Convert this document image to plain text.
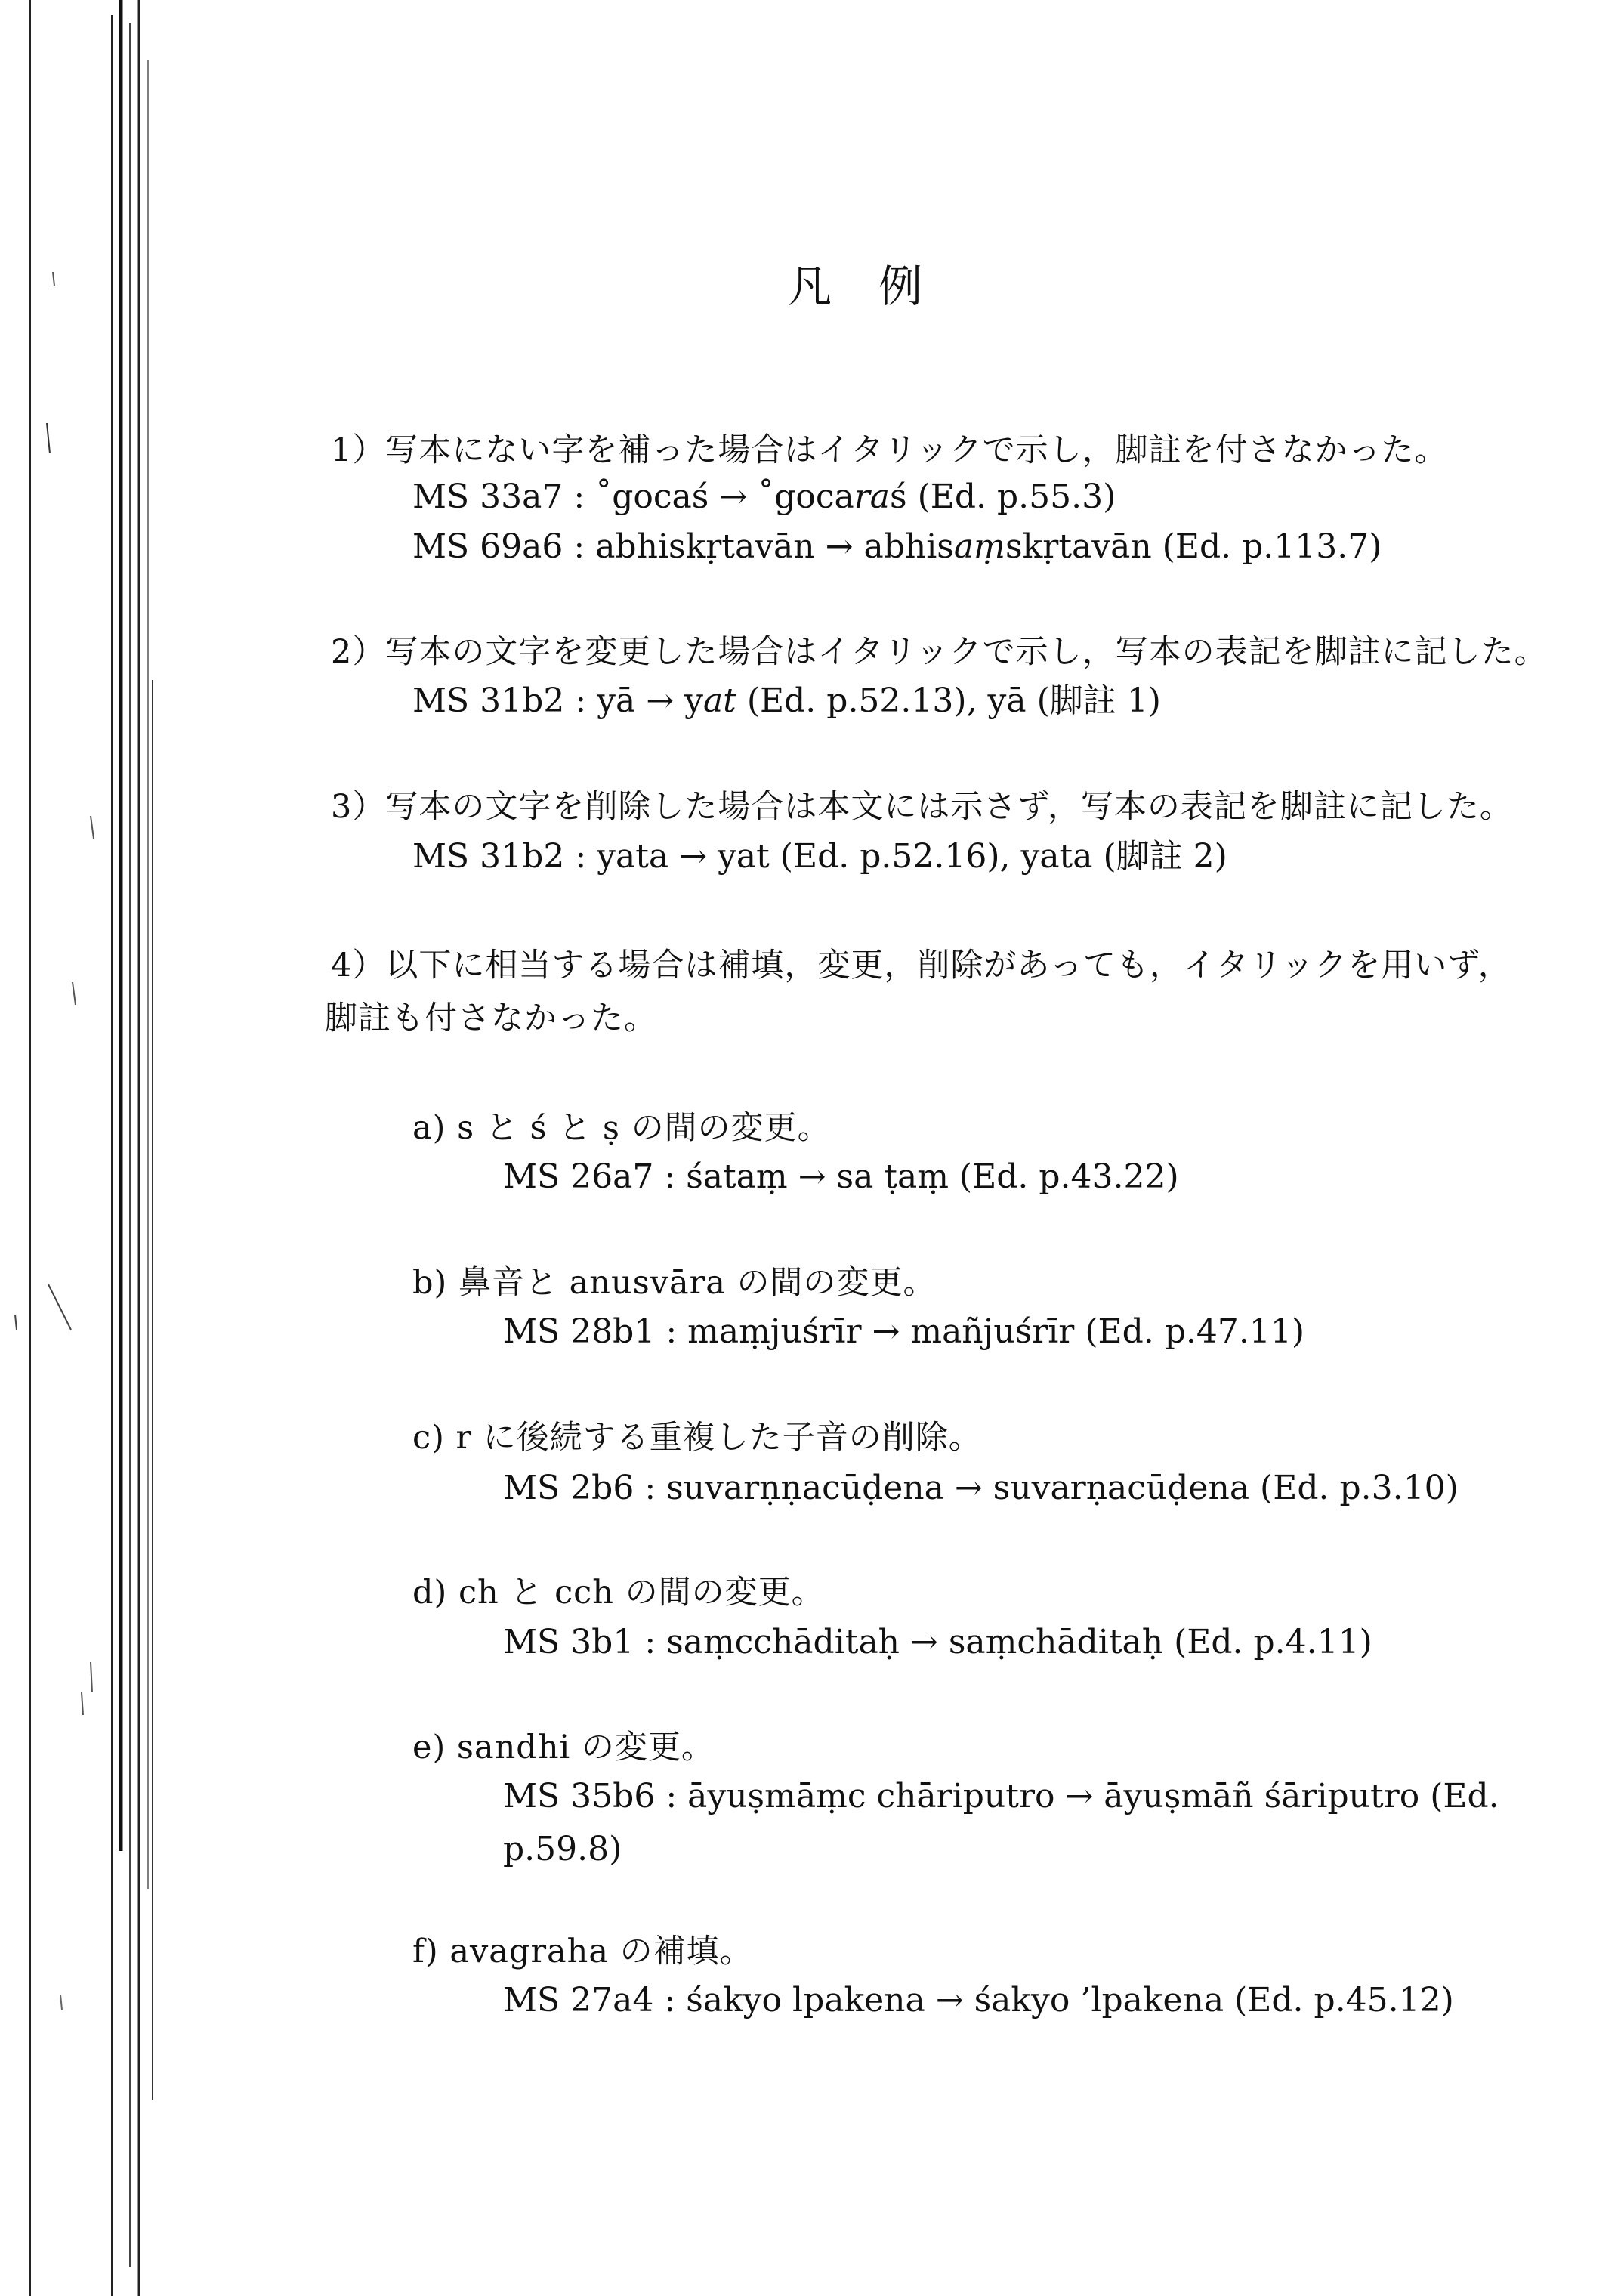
凡　例
1）写本にない字を補った場合はイタリックで示し，脚註を付さなかった。
MS 33a7 : ˚gocaś → ˚gocaraś (Ed. p.55.3)
MS 69a6 : abhiskṛtavān → abhisaṃskṛtavān (Ed. p.113.7)
2）写本の文字を変更した場合はイタリックで示し，写本の表記を脚註に記した。
MS 31b2 : yā → yat (Ed. p.52.13), yā (脚註 1)
3）写本の文字を削除した場合は本文には示さず，写本の表記を脚註に記した。
MS 31b2 : yata → yat (Ed. p.52.16), yata (脚註 2)
4）以下に相当する場合は補填，変更，削除があっても，イタリックを用いず，
脚註も付さなかった。
a) s と ś と ṣ の間の変更。
MS 26a7 : śataṃ → sa ṭaṃ (Ed. p.43.22)
b) 鼻音と anusvāra の間の変更。
MS 28b1 : maṃjuśrīr → mañjuśrīr (Ed. p.47.11)
c) r に後続する重複した子音の削除。
MS 2b6 : suvarṇṇacūḍena → suvarṇacūḍena (Ed. p.3.10)
d) ch と cch の間の変更。
MS 3b1 : saṃcchāditaḥ → saṃchāditaḥ (Ed. p.4.11)
e) sandhi の変更。
MS 35b6 : āyuṣmāṃc chāriputro → āyuṣmāñ śāriputro (Ed.
p.59.8)
f) avagraha の補填。
MS 27a4 : śakyo lpakena → śakyo ’lpakena (Ed. p.45.12)
